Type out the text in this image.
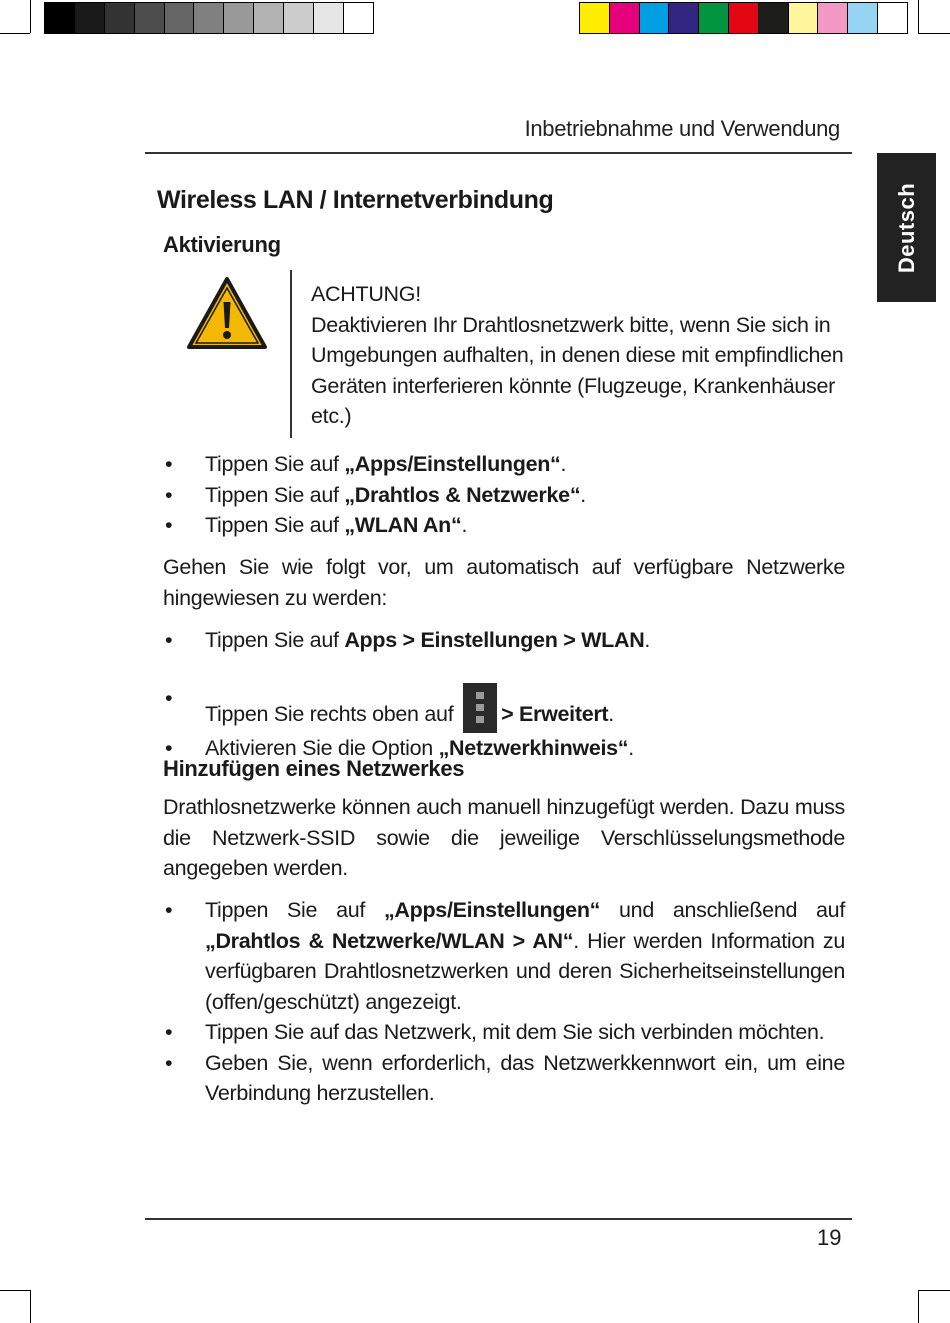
Inbetriebnahme und Verwendung
Deutsch
Wireless LAN / Internetverbindung
Aktivierung
ACHTUNG!
Deaktivieren Ihr Drahtlosnetzwerk bitte, wenn Sie sich in
Umgebungen aufhalten, in denen diese mit empfindlichen
Geräten interferieren könnte (Flugzeuge, Krankenhäuser
etc.)
• Tippen Sie auf „Apps/Einstellungen“.
• Tippen Sie auf „Drahtlos & Netzwerke“.
• Tippen Sie auf „WLAN An“.
Gehen Sie wie folgt vor, um automatisch auf verfügbare Netzwerke hingewiesen zu werden:
• Tippen Sie auf Apps > Einstellungen > WLAN.
•
Tippen Sie rechts oben auf
> Erweitert.
• Aktivieren Sie die Option „Netzwerkhinweis“.
Hinzufügen eines Netzwerkes
Drathlosnetzwerke können auch manuell hinzugefügt werden. Dazu muss die Netzwerk-SSID sowie die jeweilige Verschlüsselungsmethode angegeben werden.
• Tippen Sie auf „Apps/Einstellungen“ und anschließend auf „Drahtlos & Netzwerke/WLAN > AN“. Hier werden Information zu verfügbaren Drahtlosnetzwerken und deren Sicherheitseinstellungen (offen/geschützt) angezeigt.
• Tippen Sie auf das Netzwerk, mit dem Sie sich verbinden möchten.
• Geben Sie, wenn erforderlich, das Netzwerkkennwort ein, um eine Verbindung herzustellen.
19
